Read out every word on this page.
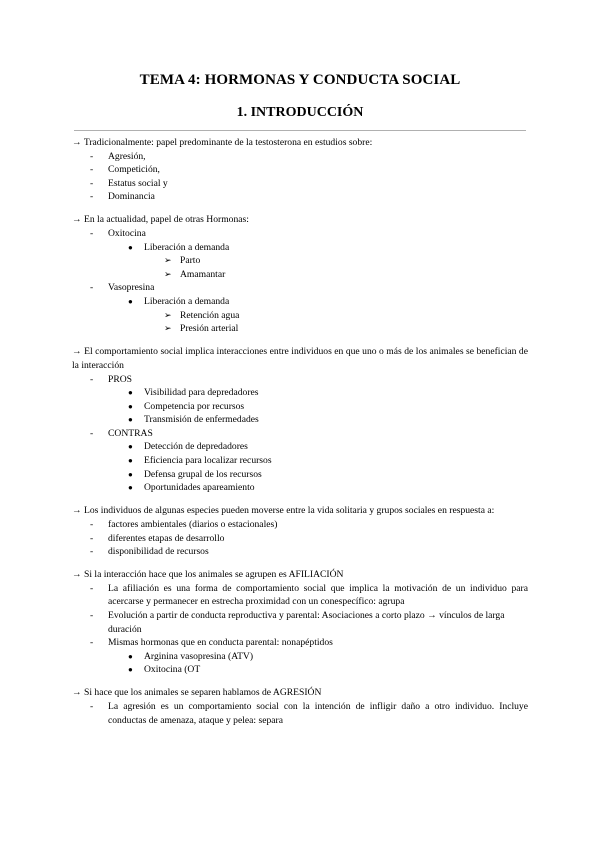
TEMA 4: HORMONAS Y CONDUCTA SOCIAL
1. INTRODUCCIÓN

→ Tradicionalmente: papel predominante de la testosterona en estudios sobre:

- Agresión,
- Competición,
- Estatus social y
- Dominancia

→ En la actualidad, papel de otras Hormonas:

- Oxitocina
● Liberación a demanda
➢ Parto
➢ Amamantar
- Vasopresina
● Liberación a demanda
➢ Retención agua
➢ Presión arterial

→ El comportamiento social implica interacciones entre individuos en que uno o más de los animales se benefician de la interacción

- PROS
● Visibilidad para depredadores
● Competencia por recursos
● Transmisión de enfermedades
- CONTRAS
● Detección de depredadores
● Eficiencia para localizar recursos
● Defensa grupal de los recursos
● Oportunidades apareamiento

→ Los individuos de algunas especies pueden moverse entre la vida solitaria y grupos sociales en respuesta a:

- factores ambientales (diarios o estacionales)
- diferentes etapas de desarrollo
- disponibilidad de recursos

→ Si la interacción hace que los animales se agrupen es AFILIACIÓN

- La afiliación es una forma de comportamiento social que implica la motivación de un individuo para acercarse y permanecer en estrecha proximidad con un conespecífico: agrupa
- Evolución a partir de conducta reproductiva y parental: Asociaciones a corto plazo → vínculos de larga duración
- Mismas hormonas que en conducta parental: nonapéptidos
● Arginina vasopresina (ATV)
● Oxitocina (OT

→ Si hace que los animales se separen hablamos de AGRESIÓN

- La agresión es un comportamiento social con la intención de infligir daño a otro individuo. Incluye conductas de amenaza, ataque y pelea: separa
